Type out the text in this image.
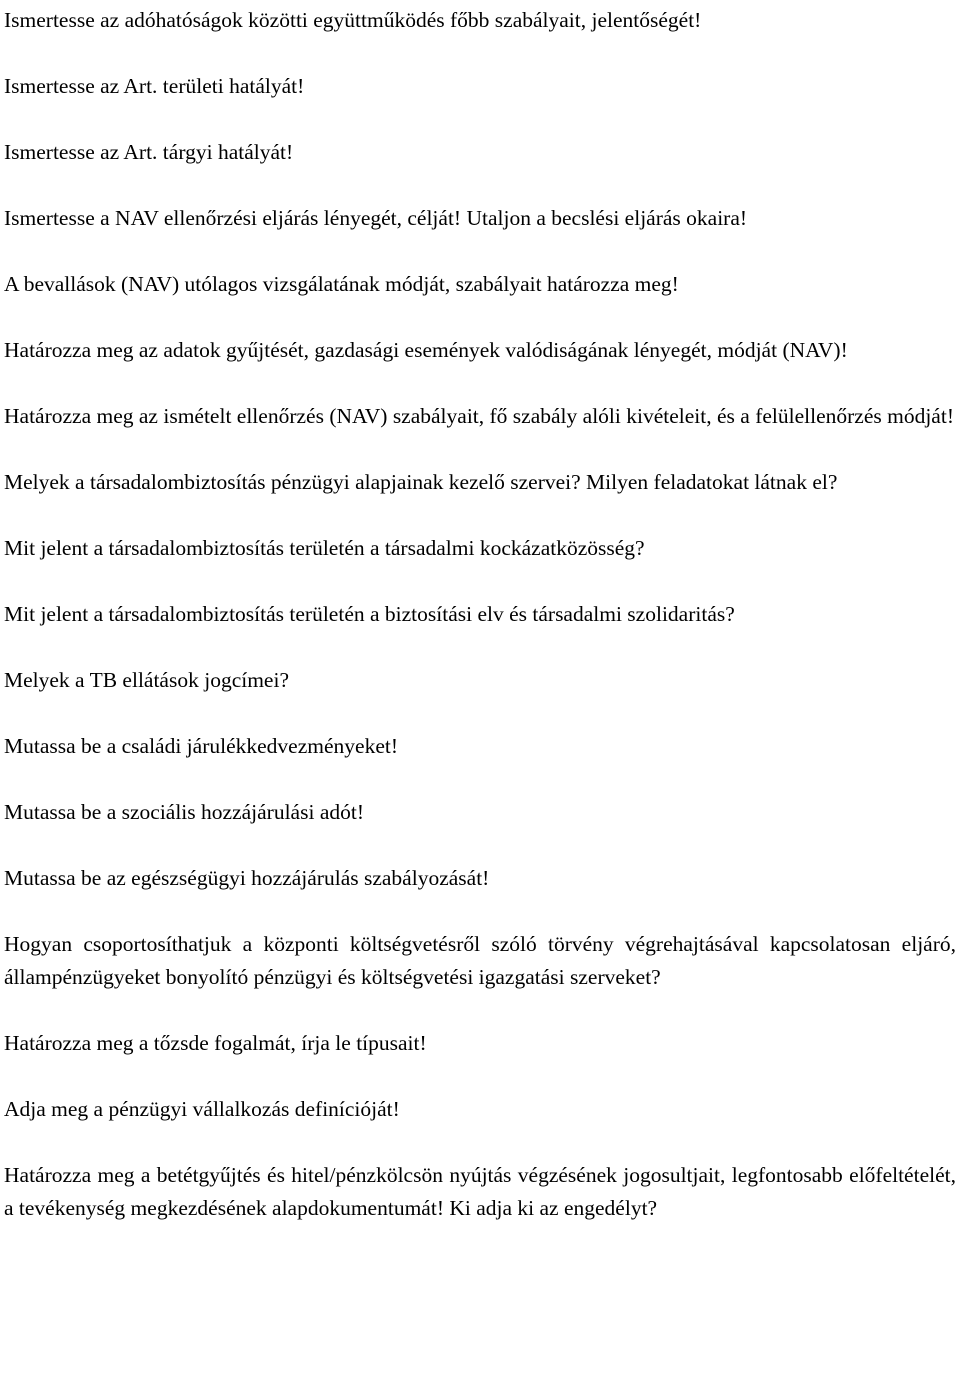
Ismertesse az adóhatóságok közötti együttműködés főbb szabályait, jelentőségét!

Ismertesse az Art. területi hatályát!

Ismertesse az Art. tárgyi hatályát!

Ismertesse a NAV ellenőrzési eljárás lényegét, célját! Utaljon a becslési eljárás okaira!

A bevallások (NAV) utólagos vizsgálatának módját, szabályait határozza meg!

Határozza meg az adatok gyűjtését, gazdasági események valódiságának lényegét, módját (NAV)!

Határozza meg az ismételt ellenőrzés (NAV) szabályait, fő szabály alóli kivételeit, és a felülellenőrzés módját!

Melyek a társadalombiztosítás pénzügyi alapjainak kezelő szervei? Milyen feladatokat látnak el?

Mit jelent a társadalombiztosítás területén a társadalmi kockázatközösség?

Mit jelent a társadalombiztosítás területén a biztosítási elv és társadalmi szolidaritás?

Melyek a TB ellátások jogcímei?

Mutassa be a családi járulékkedvezményeket!

Mutassa be a szociális hozzájárulási adót!

Mutassa be az egészségügyi hozzájárulás szabályozását!

Hogyan csoportosíthatjuk a központi költségvetésről szóló törvény végrehajtásával kapcsolatosan eljáró, állampénzügyeket bonyolító pénzügyi és költségvetési igazgatási szerveket?

Határozza meg a tőzsde fogalmát, írja le típusait!

Adja meg a pénzügyi vállalkozás definícióját!

Határozza meg a betétgyűjtés és hitel/pénzkölcsön nyújtás végzésének jogosultjait, legfontosabb előfeltételét, a tevékenység megkezdésének alapdokumentumát! Ki adja ki az engedélyt?
